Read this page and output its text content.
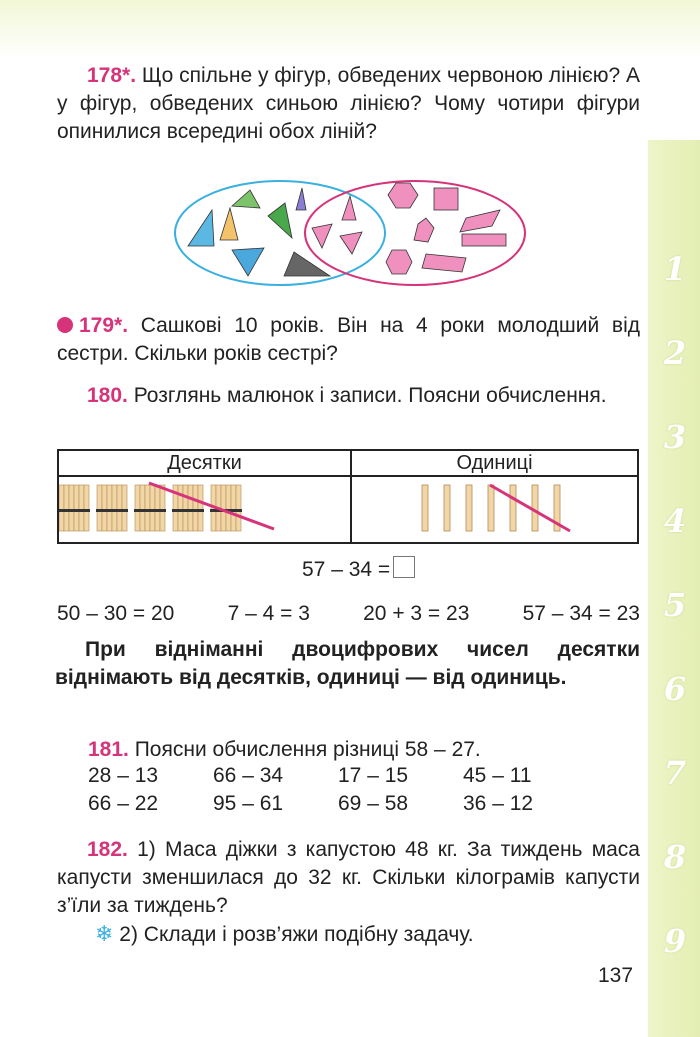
1
2
3
4
5
6
7
8
9
178*. Що спільне у фігур, обведених червоною лінією? А у фігур, обведених синьою лінією? Чому чотири фігури опинилися всередині обох ліній?
179*. Сашкові 10 років. Він на 4 роки молодший від сестри. Скільки років сестрі?
180. Розглянь малюнок і записи. Поясни обчислення.
Десятки	Одиниці

57 – 34 =
50 – 30 = 20	7 – 4 = 3	20 + 3 = 23	57 – 34 = 23
При відніманні двоцифрових чисел десятки віднімають від десятків, одиниці — від одиниць.
181. Поясни обчислення різниці 58 – 27.
28 – 13	66 – 34	17 – 15	45 – 11
66 – 22	95 – 61	69 – 58	36 – 12
182. 1) Маса діжки з капустою 48 кг. За тиждень маса капусти зменшилася до 32 кг. Скільки кілограмів капусти з’їли за тиждень?
❄ 2) Склади і розв’яжи подібну задачу.
137
